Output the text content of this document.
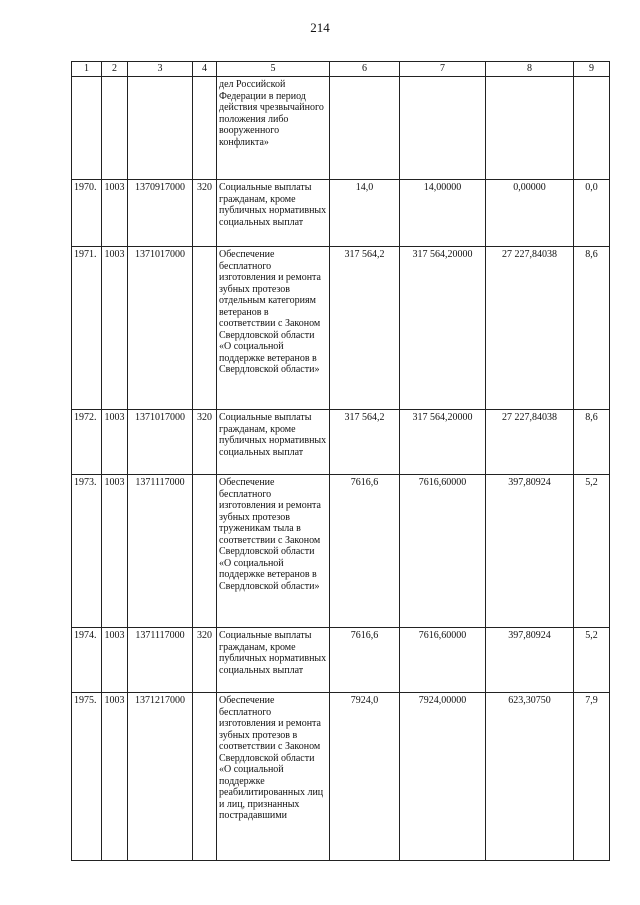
214
1	2	3	4	5	6	7	8	9
				дел Российской Федерации в период действия чрезвычайного положения либо вооруженного конфликта»				
1970.	1003	1370917000	320	Социальные выплаты гражданам, кроме публичных нормативных социальных выплат	14,0	14,00000	0,00000	0,0
1971.	1003	1371017000		Обеспечение бесплатного изготовления и ремонта зубных протезов отдельным категориям ветеранов в соответствии с Законом Свердловской области «О социальной поддержке ветеранов в Свердловской области»	317 564,2	317 564,20000	27 227,84038	8,6
1972.	1003	1371017000	320	Социальные выплаты гражданам, кроме публичных нормативных социальных выплат	317 564,2	317 564,20000	27 227,84038	8,6
1973.	1003	1371117000		Обеспечение бесплатного изготовления и ремонта зубных протезов труженикам тыла в соответствии с Законом Свердловской области «О социальной поддержке ветеранов в Свердловской области»	7616,6	7616,60000	397,80924	5,2
1974.	1003	1371117000	320	Социальные выплаты гражданам, кроме публичных нормативных социальных выплат	7616,6	7616,60000	397,80924	5,2
1975.	1003	1371217000		Обеспечение бесплатного изготовления и ремонта зубных протезов в соответствии с Законом Свердловской области «О социальной поддержке реабилитированных лиц и лиц, признанных пострадавшими	7924,0	7924,00000	623,30750	7,9
